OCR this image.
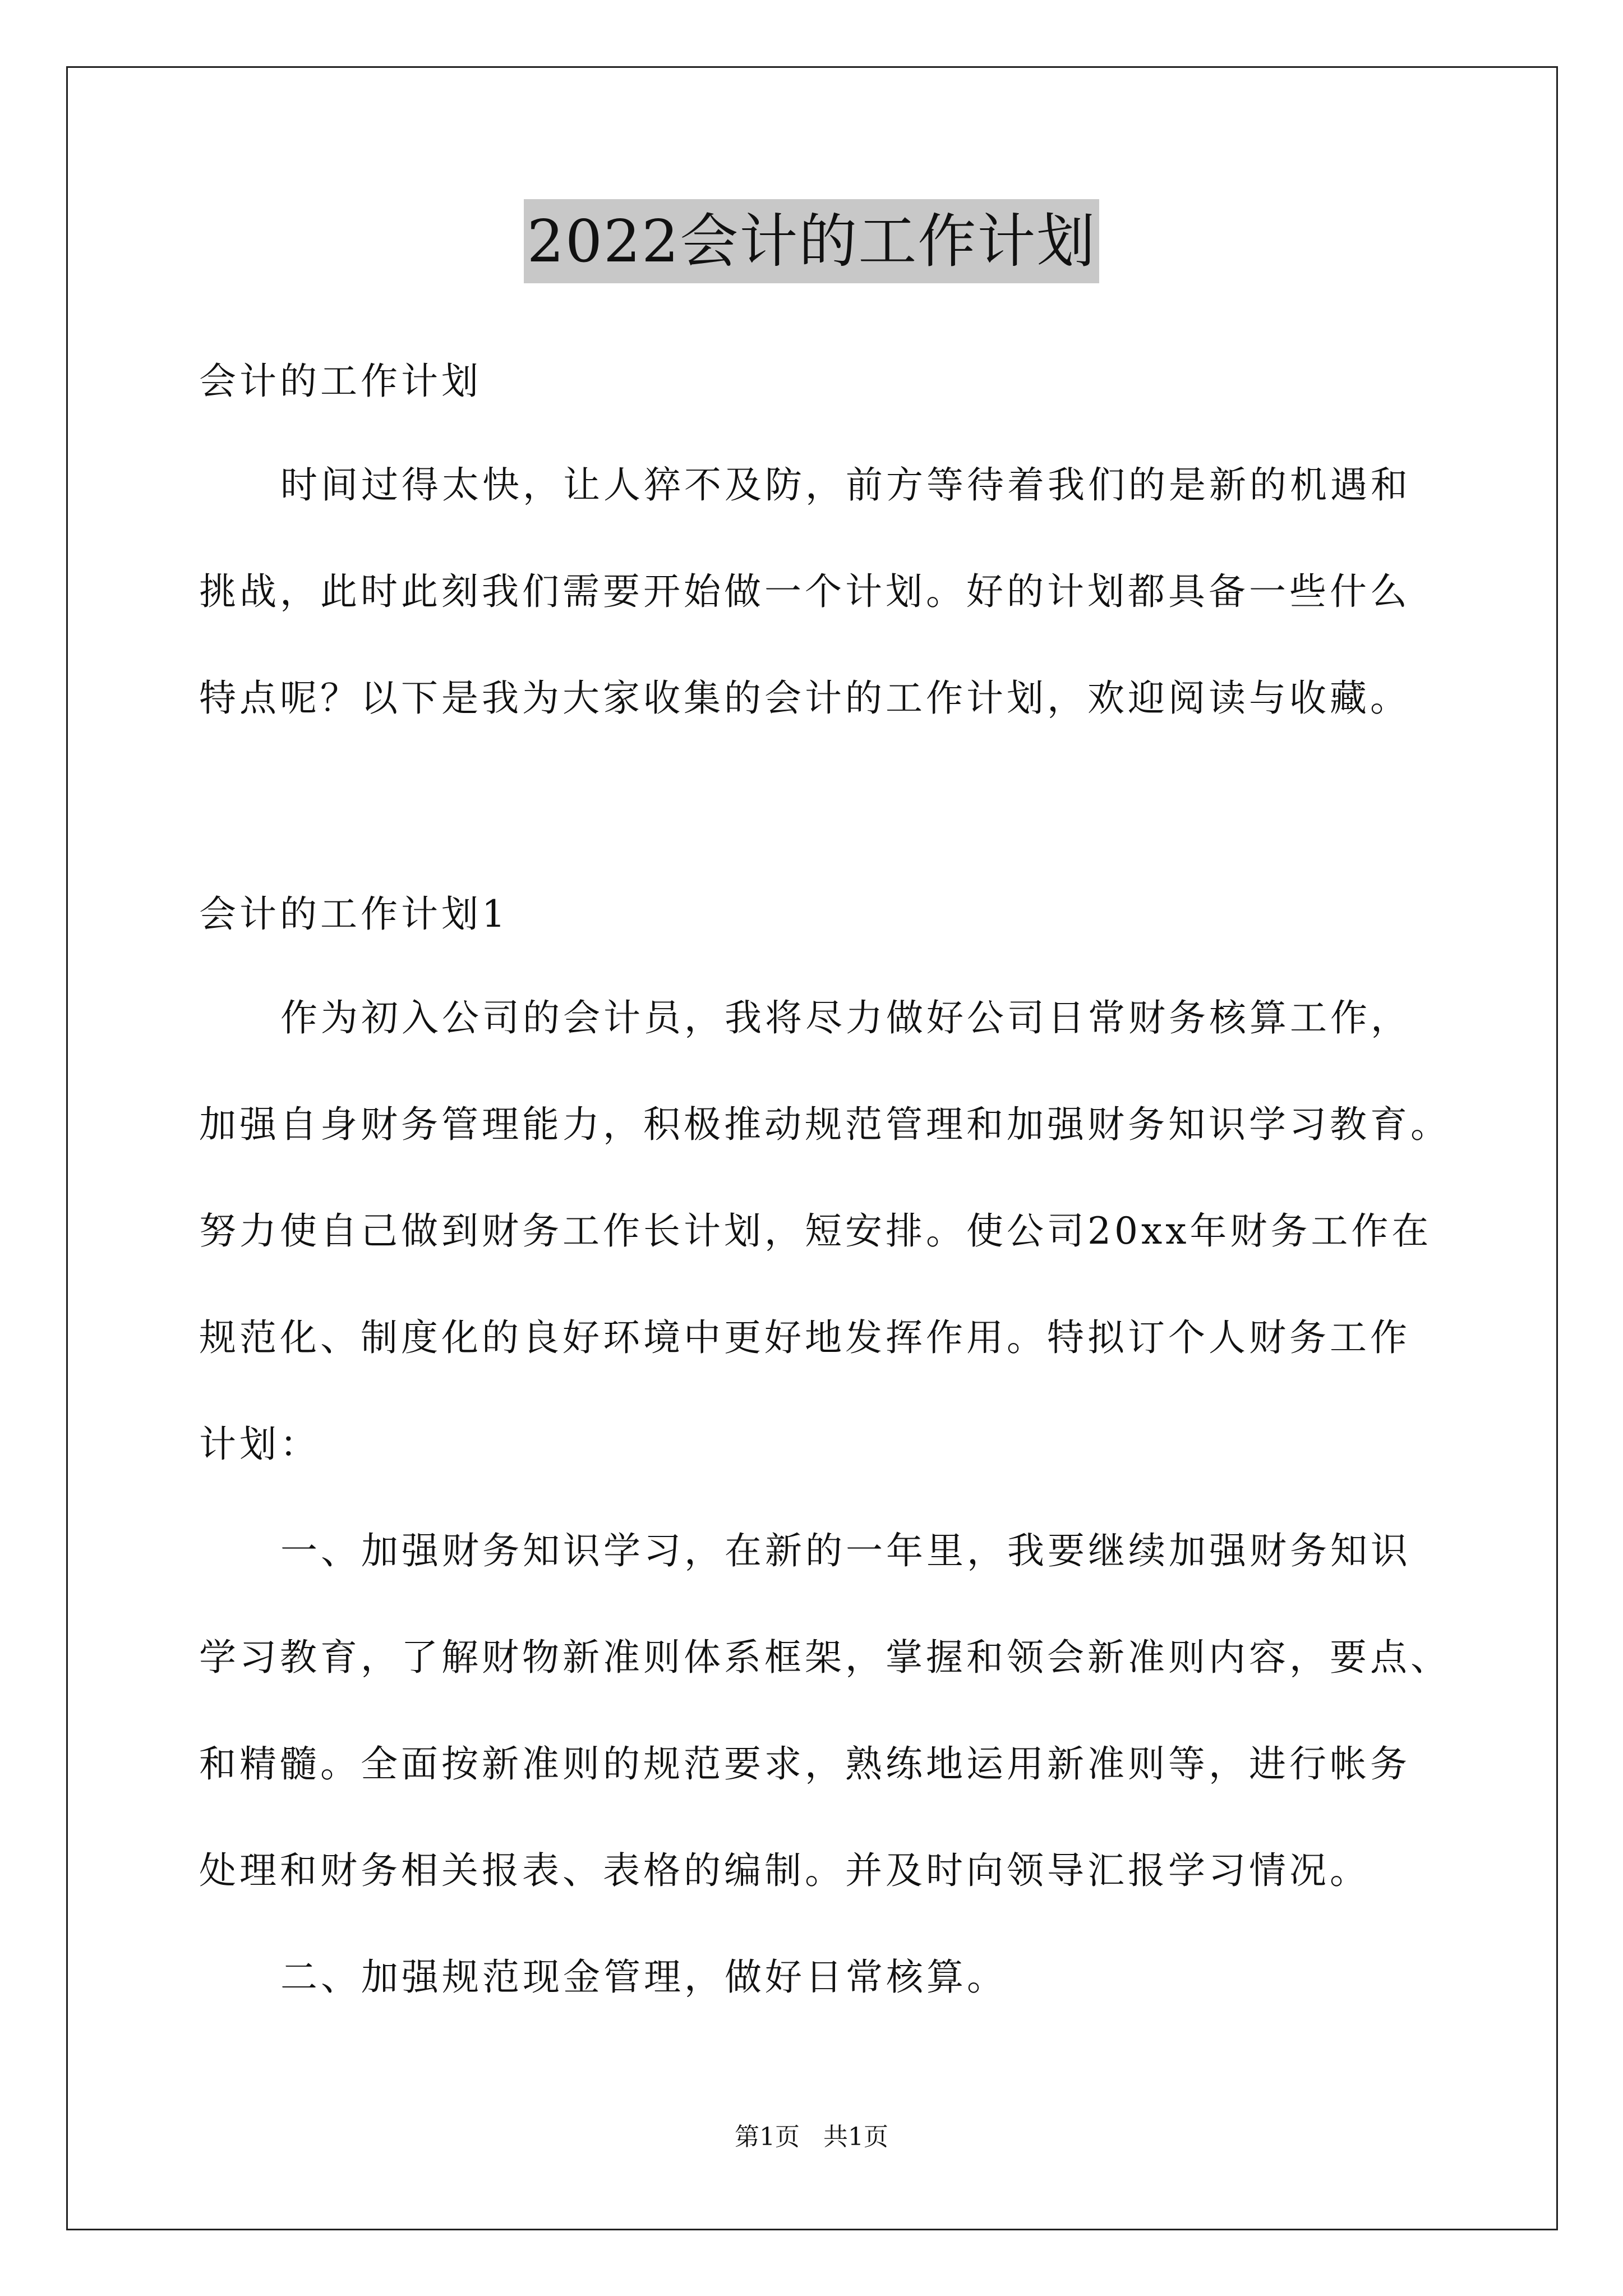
2022会计的工作计划
会计的工作计划
时间过得太快，让人猝不及防，前方等待着我们的是新的机遇和
挑战，此时此刻我们需要开始做一个计划。好的计划都具备一些什么
特点呢？以下是我为大家收集的会计的工作计划，欢迎阅读与收藏。
会计的工作计划1
作为初入公司的会计员，我将尽力做好公司日常财务核算工作，
加强自身财务管理能力，积极推动规范管理和加强财务知识学习教育。
努力使自己做到财务工作长计划，短安排。使公司20xx年财务工作在
规范化、制度化的良好环境中更好地发挥作用。特拟订个人财务工作
计划：
一、加强财务知识学习，在新的一年里，我要继续加强财务知识
学习教育，了解财物新准则体系框架，掌握和领会新准则内容，要点、
和精髓。全面按新准则的规范要求，熟练地运用新准则等，进行帐务
处理和财务相关报表、表格的编制。并及时向领导汇报学习情况。
二、加强规范现金管理，做好日常核算。
第1页   共1页
